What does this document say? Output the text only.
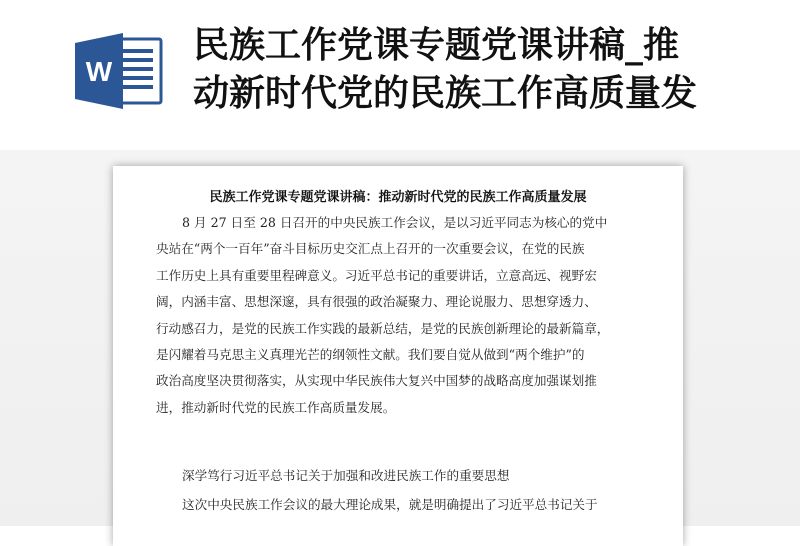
W
民族工作党课专题党课讲稿_推
动新时代党的民族工作高质量发
民族工作党课专题党课讲稿：推动新时代党的民族工作高质量发展
8 月 27 日至 28 日召开的中央民族工作会议，是以习近平同志为核心的党中
央站在“两个一百年”奋斗目标历史交汇点上召开的一次重要会议，在党的民族
工作历史上具有重要里程碑意义。习近平总书记的重要讲话，立意高远、视野宏
阔，内涵丰富、思想深邃，具有很强的政治凝聚力、理论说服力、思想穿透力、
行动感召力，是党的民族工作实践的最新总结，是党的民族创新理论的最新篇章，
是闪耀着马克思主义真理光芒的纲领性文献。我们要自觉从做到“两个维护”的
政治高度坚决贯彻落实，从实现中华民族伟大复兴中国梦的战略高度加强谋划推
进，推动新时代党的民族工作高质量发展。
深学笃行习近平总书记关于加强和改进民族工作的重要思想
这次中央民族工作会议的最大理论成果，就是明确提出了习近平总书记关于
